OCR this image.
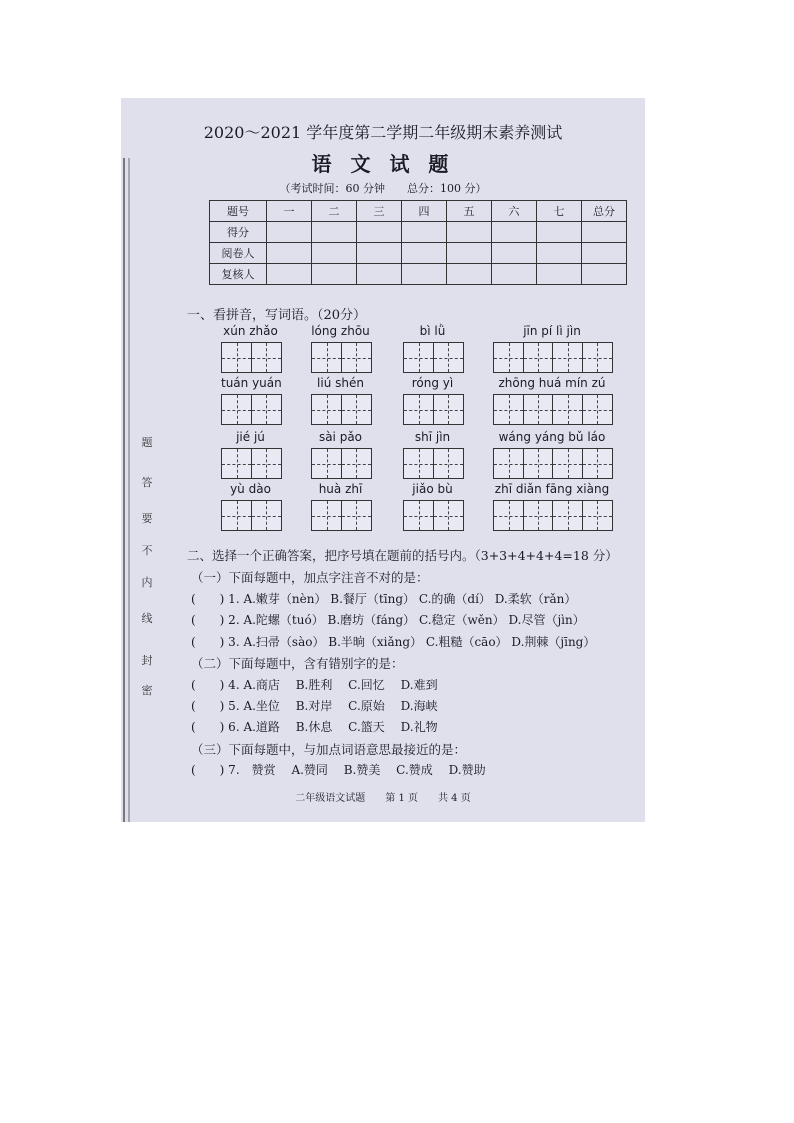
题
答
要
不
内
线
封
密
2020～2021 学年度第二学期二年级期末素养测试
语 文 试 题
（考试时间：60 分钟　　总分：100 分）
题号	一	二	三	四	五	六	七	总分
得分								
阅卷人								
复核人								
一、看拼音，写词语。（20分）
xún zhǎo	lóng zhōu	bì lǜ	jīn pí lì jìn
tuán yuán	liú shén	róng yì	zhōng huá mín zú
jié jú	sài pǎo	shī jìn	wáng yáng bǔ láo
yù dào	huà zhī	jiǎo bù	zhī diǎn fāng xiàng
二、选择一个正确答案，把序号填在题前的括号内。（3+3+4+4+4=18 分）
（一）下面每题中，加点字注音不对的是：
(　　) 1. A.嫩芽（nèn） B.餐厅（tīng） C.的确（dí） D.柔软（rǎn）
(　　) 2. A.陀螺（tuó） B.磨坊（fáng） C.稳定（wěn） D.尽管（jìn）
(　　) 3. A.扫帚（sào） B.半晌（xiǎng） C.粗糙（cāo） D.荆棘（jīng）
（二）下面每题中，含有错别字的是：
(　　) 4. A.商店　 B.胜利　 C.回忆　 D.难到
(　　) 5. A.坐位　 B.对岸　 C.原始　 D.海峡
(　　) 6. A.道路　 B.休息　 C.篮天　 D.礼物
（三）下面每题中，与加点词语意思最接近的是：
(　　) 7.　赞赏　 A.赞同　 B.赞美　 C.赞成　 D.赞助
二年级语文试题　　第 1 页　　共 4 页
